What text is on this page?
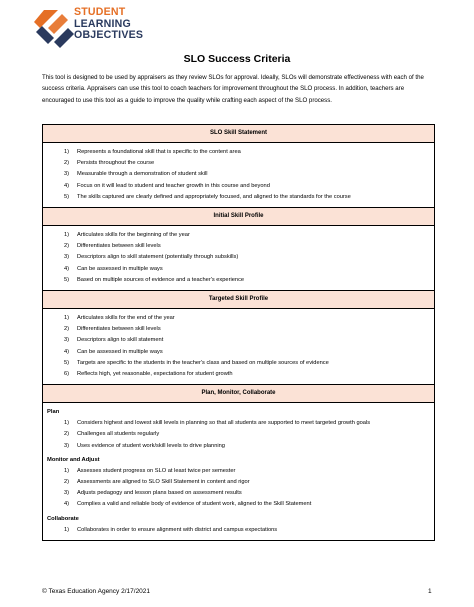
STUDENT
LEARNING
OBJECTIVES
SLO Success Criteria

This tool is designed to be used by appraisers as they review SLOs for approval. Ideally, SLOs will demonstrate effectiveness with each of the success criteria. Appraisers can use this tool to coach teachers for improvement throughout the SLO process. In addition, teachers are encouraged to use this tool as a guide to improve the quality while crafting each aspect of the SLO process.

SLO Skill Statement
1) Represents a foundational skill that is specific to the content area
2) Persists throughout the course
3) Measurable through a demonstration of student skill
4) Focus on it will lead to student and teacher growth in this course and beyond
5) The skills captured are clearly defined and appropriately focused, and aligned to the standards for the course
Initial Skill Profile
1) Articulates skills for the beginning of the year
2) Differentiates between skill levels
3) Descriptors align to skill statement (potentially through subskills)
4) Can be assessed in multiple ways
5) Based on multiple sources of evidence and a teacher's experience
Targeted Skill Profile
1) Articulates skills for the end of the year
2) Differentiates between skill levels
3) Descriptors align to skill statement
4) Can be assessed in multiple ways
5) Targets are specific to the students in the teacher's class and based on multiple sources of evidence
6) Reflects high, yet reasonable, expectations for student growth
Plan, Monitor, Collaborate
Plan
1) Considers highest and lowest skill levels in planning so that all students are supported to meet targeted growth goals
2) Challenges all students regularly
3) Uses evidence of student work/skill levels to drive planning
Monitor and Adjust
1) Assesses student progress on SLO at least twice per semester
2) Assessments are aligned to SLO Skill Statement in content and rigor
3) Adjusts pedagogy and lesson plans based on assessment results
4) Complies a valid and reliable body of evidence of student work, aligned to the Skill Statement
Collaborate
1) Collaborates in order to ensure alignment with district and campus expectations
© Texas Education Agency 2/17/2021	1
